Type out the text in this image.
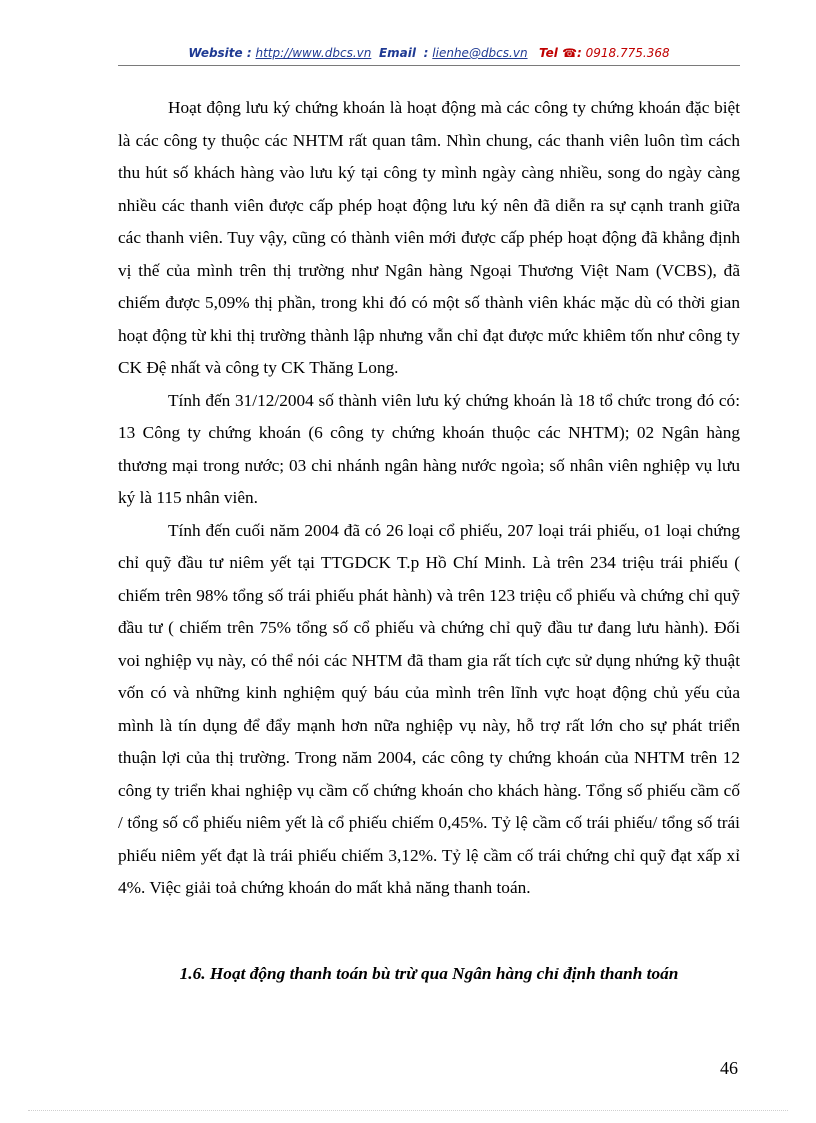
Website : http://www.dbcs.vn Email : lienhe@dbcs.vn Tel ☎: 0918.775.368

Hoạt động lưu ký chứng khoán là hoạt động mà các công ty chứng khoán đặc biệt là các công ty thuộc các NHTM rất quan tâm. Nhìn chung, các thanh viên luôn tìm cách thu hút số khách hàng vào lưu ký tại công ty mình ngày càng nhiều, song do ngày càng nhiều các thanh viên được cấp phép hoạt động lưu ký nên đã diễn ra sự cạnh tranh giữa các thanh viên. Tuy vậy, cũng có thành viên mới được cấp phép hoạt động đã khẳng định vị thế của mình trên thị trường như Ngân hàng Ngoại Thương Việt Nam (VCBS), đã chiếm được 5,09% thị phần, trong khi đó có một số thành viên khác mặc dù có thời gian hoạt động từ khi thị trường thành lập nhưng vẫn chỉ đạt được mức khiêm tốn như công ty CK Đệ nhất và công ty CK Thăng Long.

Tính đến 31/12/2004 số thành viên lưu ký chứng khoán là 18 tổ chức trong đó có: 13 Công ty chứng khoán (6 công ty chứng khoán thuộc các NHTM); 02 Ngân hàng thương mại trong nước; 03 chi nhánh ngân hàng nước ngoìa; số nhân viên nghiệp vụ lưu ký là 115 nhân viên.

Tính đến cuối năm 2004 đã có 26 loại cổ phiếu, 207 loại trái phiếu, o1 loại chứng chỉ quỹ đầu tư niêm yết tại TTGDCK T.p Hồ Chí Minh. Là trên 234 triệu trái phiếu ( chiếm trên 98% tổng số trái phiếu phát hành) và trên 123 triệu cổ phiếu và chứng chỉ quỹ đầu tư ( chiếm trên 75% tổng số cổ phiếu và chứng chỉ quỹ đầu tư đang lưu hành). Đối voi nghiệp vụ này, có thể nói các NHTM đã tham gia rất tích cực sử dụng nhứng kỹ thuật vốn có và những kinh nghiệm quý báu của mình trên lĩnh vực hoạt động chủ yếu của mình là tín dụng để đẩy mạnh hơn nữa nghiệp vụ này, hỗ trợ rất lớn cho sự phát triển thuận lợi của thị trường. Trong năm 2004, các công ty chứng khoán của NHTM trên 12 công ty triển khai nghiệp vụ cầm cố chứng khoán cho khách hàng. Tổng số phiếu cầm cố / tổng số cổ phiếu niêm yết là cổ phiếu chiếm 0,45%. Tỷ lệ cầm cố trái phiếu/ tổng số trái phiếu niêm yết đạt là trái phiếu chiếm 3,12%. Tỷ lệ cầm cố trái chứng chỉ quỹ đạt xấp xỉ 4%. Việc giải toả chứng khoán do mất khả năng thanh toán.

1.6. Hoạt động thanh toán bù trừ qua Ngân hàng chỉ định thanh toán
46
